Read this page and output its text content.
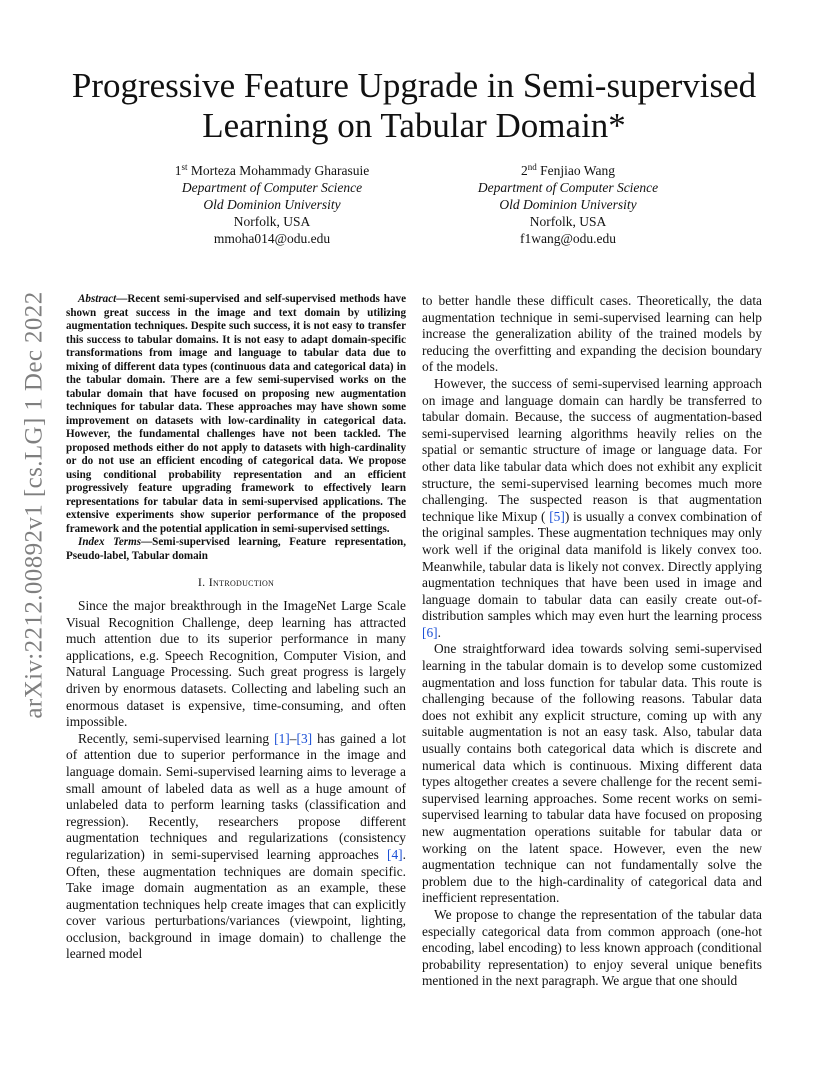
arXiv:2212.00892v1 [cs.LG] 1 Dec 2022
Progressive Feature Upgrade in Semi-supervised Learning on Tabular Domain*
1st Morteza Mohammady Gharasuie
Department of Computer Science
Old Dominion University
Norfolk, USA
mmoha014@odu.edu
2nd Fenjiao Wang
Department of Computer Science
Old Dominion University
Norfolk, USA
f1wang@odu.edu

Abstract—Recent semi-supervised and self-supervised methods have shown great success in the image and text domain by utilizing augmentation techniques. Despite such success, it is not easy to transfer this success to tabular domains. It is not easy to adapt domain-specific transformations from image and language to tabular data due to mixing of different data types (continuous data and categorical data) in the tabular domain. There are a few semi-supervised works on the tabular domain that have focused on proposing new augmentation techniques for tabular data. These approaches may have shown some improvement on datasets with low-cardinality in categorical data. However, the fundamental challenges have not been tackled. The proposed methods either do not apply to datasets with high-cardinality or do not use an efficient encoding of categorical data. We propose using conditional probability representation and an efficient progressively feature upgrading framework to effectively learn representations for tabular data in semi-supervised applications. The extensive experiments show superior performance of the proposed framework and the potential application in semi-supervised settings.

Index Terms—Semi-supervised learning, Feature representation, Pseudo-label, Tabular domain

I. Introduction

Since the major breakthrough in the ImageNet Large Scale Visual Recognition Challenge, deep learning has attracted much attention due to its superior performance in many applications, e.g. Speech Recognition, Computer Vision, and Natural Language Processing. Such great progress is largely driven by enormous datasets. Collecting and labeling such an enormous dataset is expensive, time-consuming, and often impossible.

Recently, semi-supervised learning [1]–[3] has gained a lot of attention due to superior performance in the image and language domain. Semi-supervised learning aims to leverage a small amount of labeled data as well as a huge amount of unlabeled data to perform learning tasks (classification and regression). Recently, researchers propose different augmentation techniques and regularizations (consistency regularization) in semi-supervised learning approaches [4]. Often, these augmentation techniques are domain specific. Take image domain augmentation as an example, these augmentation techniques help create images that can explicitly cover various perturbations/variances (viewpoint, lighting, occlusion, background in image domain) to challenge the learned model

to better handle these difficult cases. Theoretically, the data augmentation technique in semi-supervised learning can help increase the generalization ability of the trained models by reducing the overfitting and expanding the decision boundary of the models.

However, the success of semi-supervised learning approach on image and language domain can hardly be transferred to tabular domain. Because, the success of augmentation-based semi-supervised learning algorithms heavily relies on the spatial or semantic structure of image or language data. For other data like tabular data which does not exhibit any explicit structure, the semi-supervised learning becomes much more challenging. The suspected reason is that augmentation technique like Mixup ( [5]) is usually a convex combination of the original samples. These augmentation techniques may only work well if the original data manifold is likely convex too. Meanwhile, tabular data is likely not convex. Directly applying augmentation techniques that have been used in image and language domain to tabular data can easily create out-of-distribution samples which may even hurt the learning process [6].

One straightforward idea towards solving semi-supervised learning in the tabular domain is to develop some customized augmentation and loss function for tabular data. This route is challenging because of the following reasons. Tabular data does not exhibit any explicit structure, coming up with any suitable augmentation is not an easy task. Also, tabular data usually contains both categorical data which is discrete and numerical data which is continuous. Mixing different data types altogether creates a severe challenge for the recent semi-supervised learning approaches. Some recent works on semi-supervised learning to tabular data have focused on proposing new augmentation operations suitable for tabular data or working on the latent space. However, even the new augmentation technique can not fundamentally solve the problem due to the high-cardinality of categorical data and inefficient representation.

We propose to change the representation of the tabular data especially categorical data from common approach (one-hot encoding, label encoding) to less known approach (conditional probability representation) to enjoy several unique benefits mentioned in the next paragraph. We argue that one should
